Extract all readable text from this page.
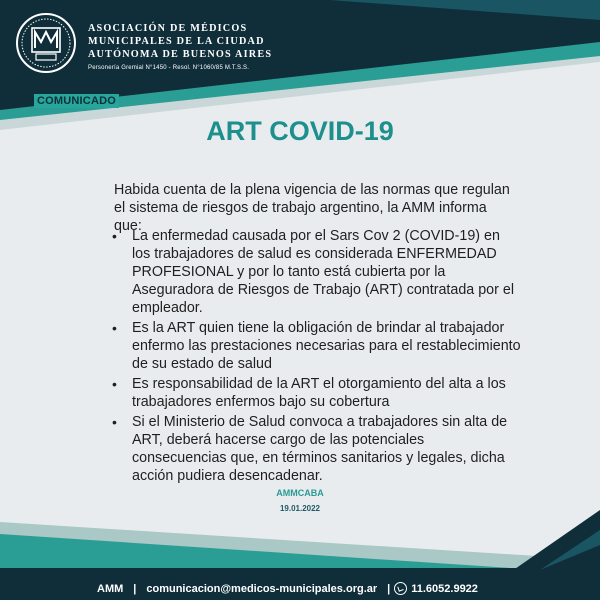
ASOCIACIÓN DE MÉDICOS
MUNICIPALES DE LA CIUDAD
AUTÓNOMA DE BUENOS AIRES
Personería Gremial N°1450 - Resol. N°1060/85 M.T.S.S.
COMUNICADO
ART COVID-19

Habida cuenta de la plena vigencia de las normas que regulan el sistema de riesgos de trabajo argentino, la AMM informa que:

• La enfermedad causada por el Sars Cov 2 (COVID-19) en los trabajadores de salud es considerada ENFERMEDAD PROFESIONAL y por lo tanto está cubierta por la Aseguradora de Riesgos de Trabajo (ART) contratada por el empleador.
• Es la ART quien tiene la obligación de brindar al trabajador enfermo las prestaciones necesarias para el restablecimiento de su estado de salud
• Es responsabilidad de la ART el otorgamiento del alta a los trabajadores enfermos bajo su cobertura
• Si el Ministerio de Salud convoca a trabajadores sin alta de ART, deberá hacerse cargo de las potenciales consecuencias que, en términos sanitarios y legales, dicha acción pudiera desencadenar.
AMMCABA
19.01.2022
AMM | comunicacion@medicos-municipales.org.ar | 11.6052.9922
